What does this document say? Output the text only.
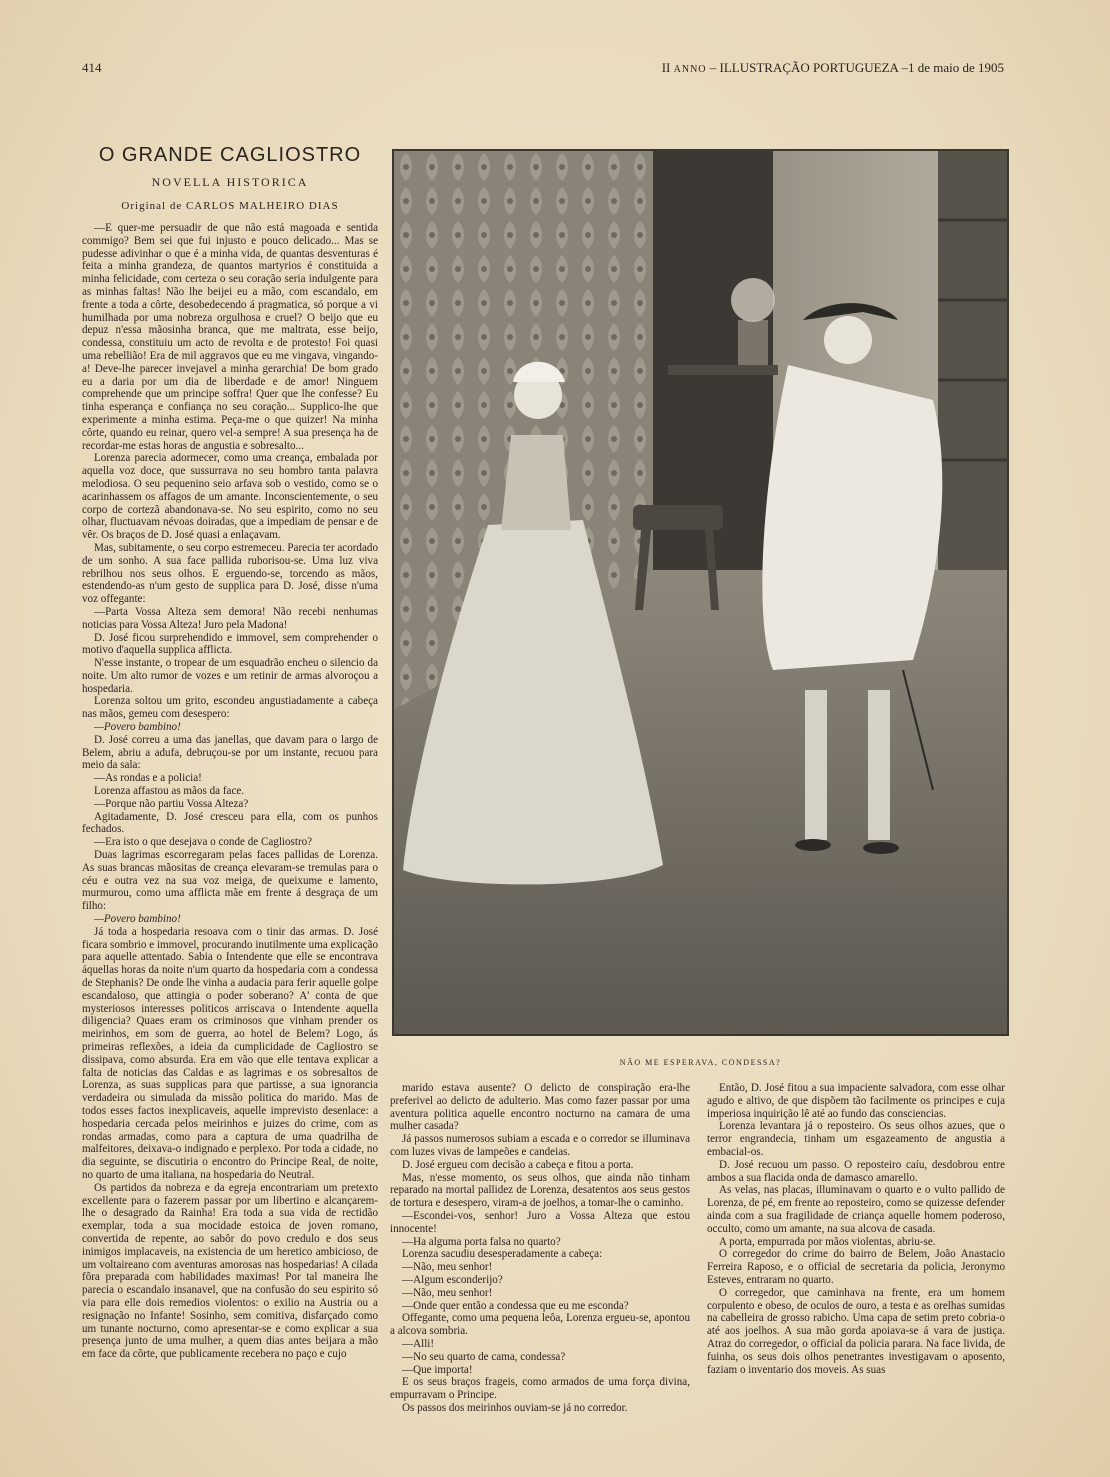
414	II ANNO – ILLUSTRAÇÃO PORTUGUEZA –1 de maio de 1905
O GRANDE CAGLIOSTRO
NOVELLA HISTORICA
Original de CARLOS MALHEIRO DIAS

—E quer-me persuadir de que não está magoada e sentida commigo? Bem sei que fui injusto e pouco delicado... Mas se pudesse adivinhar o que é a minha vida, de quantas desventuras é feita a minha grandeza, de quantos martyrios é constituida a minha felicidade, com certeza o seu coração seria indulgente para as minhas faltas! Não lhe beijei eu a mão, com escandalo, em frente a toda a côrte, desobedecendo á pragmatica, só porque a vi humilhada por uma nobreza orgulhosa e cruel? O beijo que eu depuz n'essa mãosinha branca, que me maltrata, esse beijo, condessa, constituiu um acto de revolta e de protesto! Foi quasi uma rebellião! Era de mil aggravos que eu me vingava, vingando-a! Deve-lhe parecer invejavel a minha gerarchia! De bom grado eu a daria por um dia de liberdade e de amor! Ninguem comprehende que um principe soffra! Quer que lhe confesse? Eu tinha esperança e confiança no seu coração... Supplico-lhe que experimente a minha estima. Peça-me o que quizer! Na minha côrte, quando eu reinar, quero vel-a sempre! A sua presença ha de recordar-me estas horas de angustia e sobresalto...

Lorenza parecia adormecer, como uma creança, embalada por aquella voz doce, que sussurrava no seu hombro tanta palavra melodiosa. O seu pequenino seio arfava sob o vestido, como se o acarinhassem os affagos de um amante. Inconscientemente, o seu corpo de cortezã abandonava-se. No seu espirito, como no seu olhar, fluctuavam névoas doiradas, que a impediam de pensar e de vêr. Os braços de D. José quasi a enlaçavam.

Mas, subitamente, o seu corpo estremeceu. Parecia ter acordado de um sonho. A sua face pallida ruborisou-se. Uma luz viva rebrilhou nos seus olhos. E erguendo-se, torcendo as mãos, estendendo-as n'um gesto de supplica para D. José, disse n'uma voz offegante:

—Parta Vossa Alteza sem demora! Não recebi nenhumas noticias para Vossa Alteza! Juro pela Madona!

D. José ficou surprehendido e immovel, sem comprehender o motivo d'aquella supplica afflicta.

N'esse instante, o tropear de um esquadrão encheu o silencio da noite. Um alto rumor de vozes e um retinir de armas alvoroçou a hospedaria.

Lorenza soltou um grito, escondeu angustiadamente a cabeça nas mãos, gemeu com desespero:

—Povero bambino!

D. José correu a uma das janellas, que davam para o largo de Belem, abriu a adufa, debruçou-se por um instante, recuou para meio da sala:

—As rondas e a policia!

Lorenza affastou as mãos da face.

—Porque não partiu Vossa Alteza?

Agitadamente, D. José cresceu para ella, com os punhos fechados.

—Era isto o que desejava o conde de Cagliostro?

Duas lagrimas escorregaram pelas faces pallidas de Lorenza. As suas brancas mãositas de creança elevaram-se tremulas para o céu e outra vez na sua voz meiga, de queixume e lamento, murmurou, como uma afflicta mãe em frente á desgraça de um filho:

—Povero bambino!

Já toda a hospedaria resoava com o tinir das armas. D. José ficara sombrio e immovel, procurando inutilmente uma explicação para aquelle attentado. Sabia o Intendente que elle se encontrava áquellas horas da noite n'um quarto da hospedaria com a condessa de Stephanis? De onde lhe vinha a audacia para ferir aquelle golpe escandaloso, que attingia o poder soberano? A' conta de que mysteriosos interesses politicos arriscava o Intendente aquella diligencia? Quaes eram os criminosos que vinham prender os meirinhos, em som de guerra, ao hotel de Belem? Logo, ás primeiras reflexões, a ideia da cumplicidade de Cagliostro se dissipava, como absurda. Era em vão que elle tentava explicar a falta de noticias das Caldas e as lagrimas e os sobresaltos de Lorenza, as suas supplicas para que partisse, a sua ignorancia verdadeira ou simulada da missão politica do marido. Mas de todos esses factos inexplicaveis, aquelle imprevisto desenlace: a hospedaria cercada pelos meirinhos e juizes do crime, com as rondas armadas, como para a captura de uma quadrilha de malfeitores, deixava-o indignado e perplexo. Por toda a cidade, no dia seguinte, se discutiria o encontro do Principe Real, de noite, no quarto de uma italiana, na hospedaria do Neutral.

Os partidos da nobreza e da egreja encontrariam um pretexto excellente para o fazerem passar por um libertino e alcançarem-lhe o desagrado da Rainha! Era toda a sua vida de rectidão exemplar, toda a sua mocidade estoica de joven romano, convertida de repente, ao sabôr do povo credulo e dos seus inimigos implacaveis, na existencia de um heretico ambicioso, de um voltaireano com aventuras amorosas nas hospedarias! A cilada fôra preparada com habilidades maximas! Por tal maneira lhe parecia o escandalo insanavel, que na confusão do seu espirito só via para elle dois remedios violentos: o exilio na Austria ou a resignação no Infante! Sosinho, sem comitiva, disfarçado como um tunante nocturno, como apresentar-se e como explicar a sua presença junto de uma mulher, a quem dias antes beijara a mão em face da côrte, que publicamente recebera no paço e cujo

NÃO ME ESPERAVA, CONDESSA?

marido estava ausente? O delicto de conspiração era-lhe preferivel ao delicto de adulterio. Mas como fazer passar por uma aventura politica aquelle encontro nocturno na camara de uma mulher casada?

Já passos numerosos subiam a escada e o corredor se illuminava com luzes vivas de lampeões e candeias.

D. José ergueu com decisão a cabeça e fitou a porta.

Mas, n'esse momento, os seus olhos, que ainda não tinham reparado na mortal pallidez de Lorenza, desatentos aos seus gestos de tortura e desespero, viram-a de joelhos, a tomar-lhe o caminho.

—Escondei-vos, senhor! Juro a Vossa Alteza que estou innocente!

—Ha alguma porta falsa no quarto?

Lorenza sacudiu desesperadamente a cabeça:

—Não, meu senhor!

—Algum esconderijo?

—Não, meu senhor!

—Onde quer então a condessa que eu me esconda?

Offegante, como uma pequena leôa, Lorenza ergueu-se, apontou a alcova sombria.

—Alli!

—No seu quarto de cama, condessa?

—Que importa!

E os seus braços frageis, como armados de uma força divina, empurravam o Principe.

Os passos dos meirinhos ouviam-se já no corredor.

Então, D. José fitou a sua impaciente salvadora, com esse olhar agudo e altivo, de que dispõem tão facilmente os principes e cuja imperiosa inquirição lê até ao fundo das consciencias.

Lorenza levantara já o reposteiro. Os seus olhos azues, que o terror engrandecia, tinham um esgazeamento de angustia a embacial-os.

D. José recuou um passo. O reposteiro caíu, desdobrou entre ambos a sua flacida onda de damasco amarello.

As velas, nas placas, illuminavam o quarto e o vulto pallido de Lorenza, de pé, em frente ao reposteiro, como se quizesse defender ainda com a sua fragilidade de criança aquelle homem poderoso, occulto, como um amante, na sua alcova de casada.

A porta, empurrada por mãos violentas, abriu-se.

O corregedor do crime do bairro de Belem, João Anastacio Ferreira Raposo, e o official de secretaria da policia, Jeronymo Esteves, entraram no quarto.

O corregedor, que caminhava na frente, era um homem corpulento e obeso, de oculos de ouro, a testa e as orelhas sumidas na cabelleira de grosso rabicho. Uma capa de setim preto cobria-o até aos joelhos. A sua mão gorda apoiava-se á vara de justiça. Atraz do corregedor, o official da policia parara. Na face livida, de fuinha, os seus dois olhos penetrantes investigavam o aposento, faziam o inventario dos moveis. As suas
